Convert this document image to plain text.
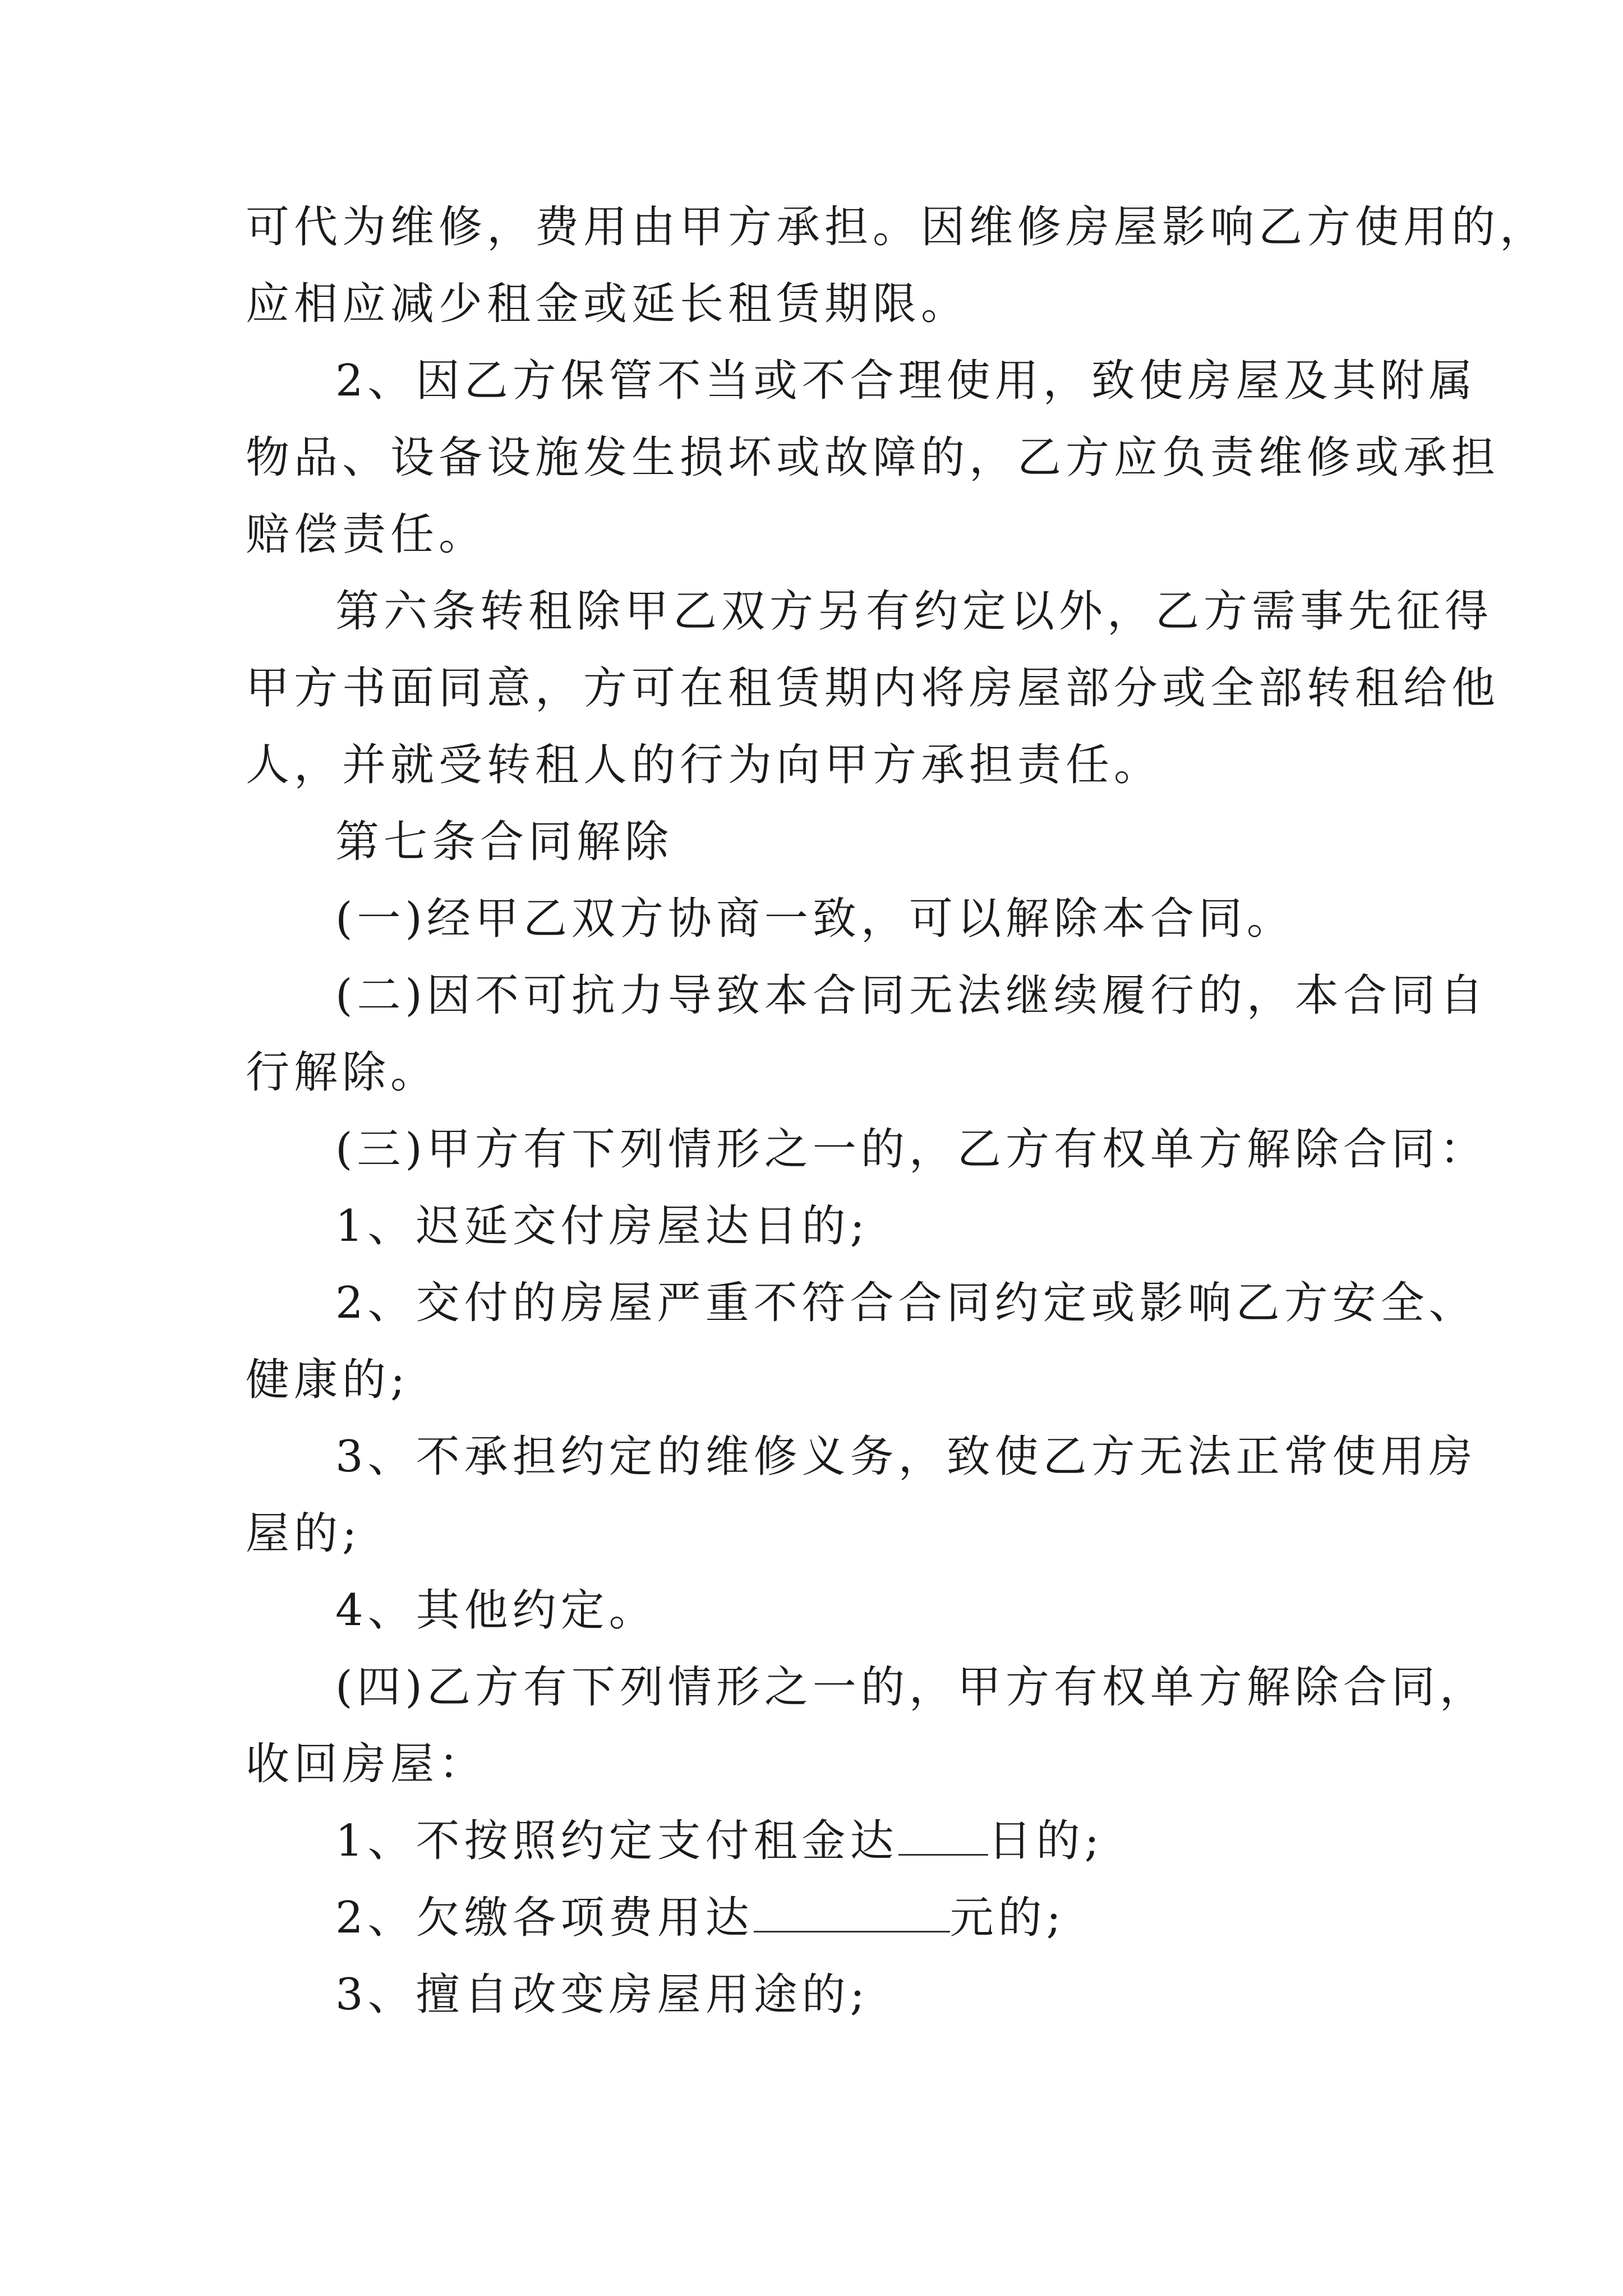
可代为维修，费用由甲方承担。因维修房屋影响乙方使用的，
应相应减少租金或延长租赁期限。
2、因乙方保管不当或不合理使用，致使房屋及其附属
物品、设备设施发生损坏或故障的，乙方应负责维修或承担
赔偿责任。
第六条转租除甲乙双方另有约定以外，乙方需事先征得
甲方书面同意，方可在租赁期内将房屋部分或全部转租给他
人，并就受转租人的行为向甲方承担责任。
第七条合同解除
(一)经甲乙双方协商一致，可以解除本合同。
(二)因不可抗力导致本合同无法继续履行的，本合同自
行解除。
(三)甲方有下列情形之一的，乙方有权单方解除合同：
1、迟延交付房屋达日的;
2、交付的房屋严重不符合合同约定或影响乙方安全、
健康的;
3、不承担约定的维修义务，致使乙方无法正常使用房
屋的;
4、其他约定。
(四)乙方有下列情形之一的，甲方有权单方解除合同，
收回房屋：
1、不按照约定支付租金达 日的;
2、欠缴各项费用达	元的;
3、擅自改变房屋用途的;
